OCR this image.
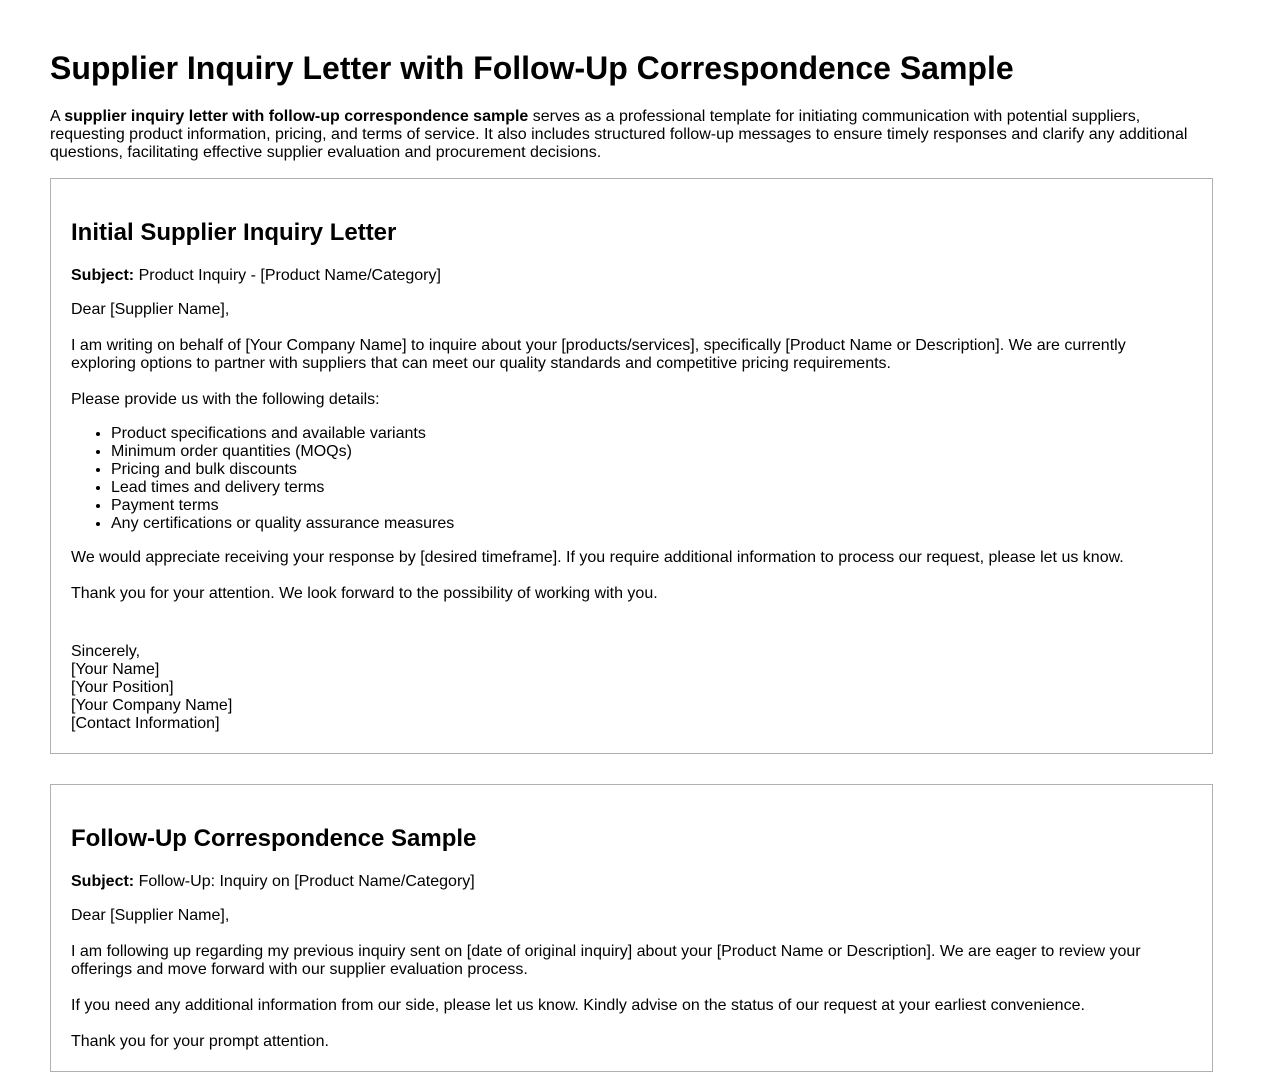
Supplier Inquiry Letter with Follow-Up Correspondence Sample

A supplier inquiry letter with follow-up correspondence sample serves as a professional template for initiating communication with potential suppliers, requesting product information, pricing, and terms of service. It also includes structured follow-up messages to ensure timely responses and clarify any additional questions, facilitating effective supplier evaluation and procurement decisions.

Initial Supplier Inquiry Letter

Subject: Product Inquiry - [Product Name/Category]

Dear [Supplier Name],

I am writing on behalf of [Your Company Name] to inquire about your [products/services], specifically [Product Name or Description]. We are currently exploring options to partner with suppliers that can meet our quality standards and competitive pricing requirements.

Please provide us with the following details:

• Product specifications and available variants
• Minimum order quantities (MOQs)
• Pricing and bulk discounts
• Lead times and delivery terms
• Payment terms
• Any certifications or quality assurance measures

We would appreciate receiving your response by [desired timeframe]. If you require additional information to process our request, please let us know.

Thank you for your attention. We look forward to the possibility of working with you.

Sincerely,
[Your Name]
[Your Position]
[Your Company Name]
[Contact Information]

Follow-Up Correspondence Sample

Subject: Follow-Up: Inquiry on [Product Name/Category]

Dear [Supplier Name],

I am following up regarding my previous inquiry sent on [date of original inquiry] about your [Product Name or Description]. We are eager to review your offerings and move forward with our supplier evaluation process.

If you need any additional information from our side, please let us know. Kindly advise on the status of our request at your earliest convenience.

Thank you for your prompt attention.
